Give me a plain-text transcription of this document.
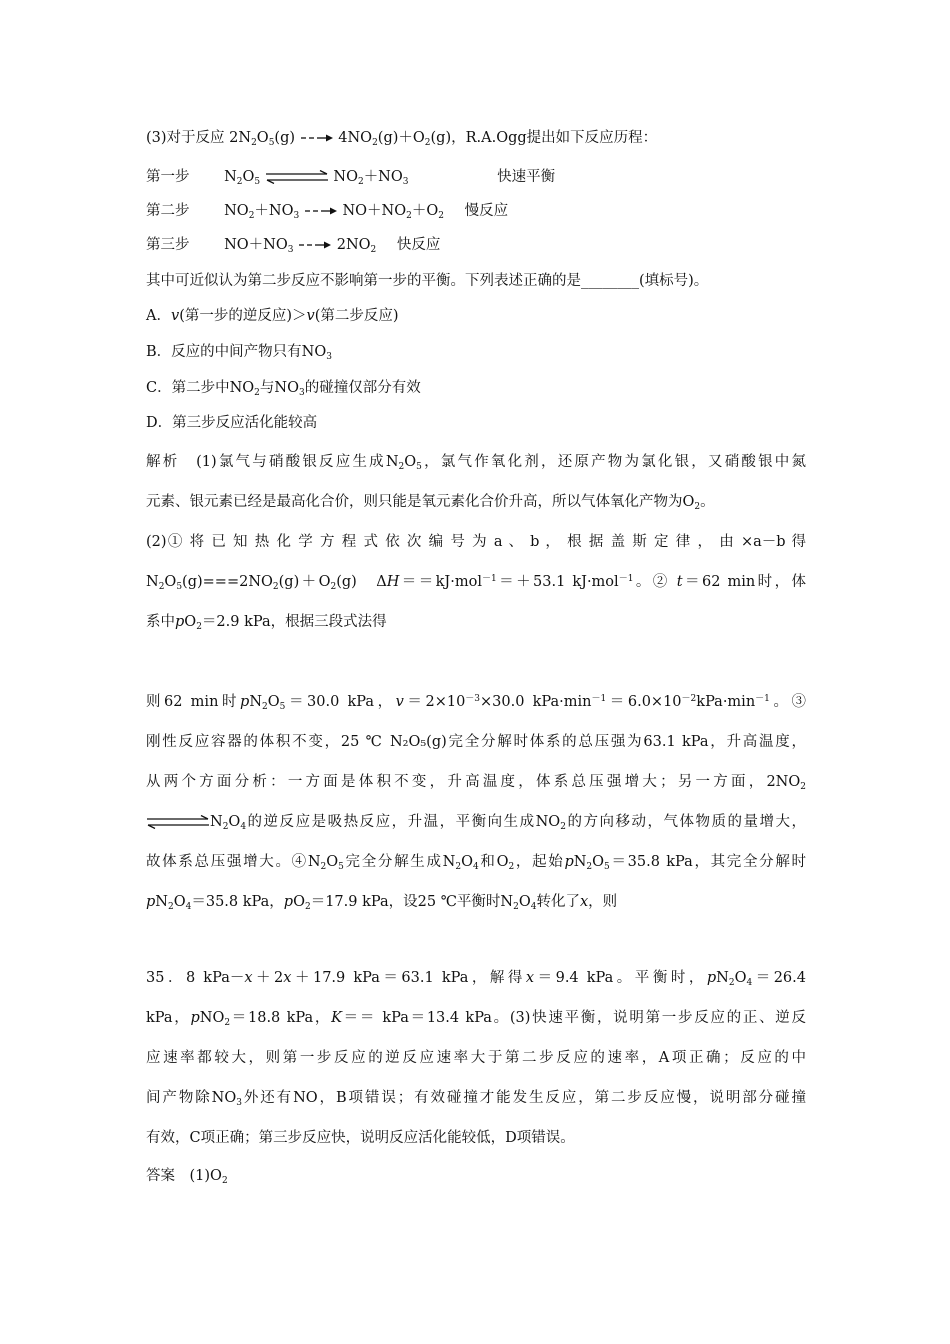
(3)对于反应 $2N_2O_5(g)$	$4NO_2(g)+O_2(g)$，R.A.Ogg提出如下反应历程：
第一步 $N_2O_5$	$NO_2+NO_3$	快速平衡
第二步 $NO_2+NO_3$	$NO+NO_2+O_2$ 慢反应
第三步 $NO+NO_3$	$2NO_2$ 快反应
其中可近似认为第二步反应不影响第一步的平衡。下列表述正确的是________(填标号)。
A．v(第一步的逆反应)＞v(第二步反应)
B．反应的中间产物只有$NO_3$
C．第二步中$NO_2$与$NO_3$的碰撞仅部分有效
D．第三步反应活化能较高
解析　(1)氯气与硝酸银反应生成$N_2O_5$，氯气作氧化剂，还原产物为氯化银，又硝酸银中氮
元素、银元素已经是最高化合价，则只能是氧元素化合价升高，所以气体氧化产物为$O_2$。
(2)① 将 已 知 热 化 学 方 程 式 依 次 编 号 为 a 、 b ， 根 据 盖 斯 定 律 ， 由 ×a－b 得
$N_2O_5(g)===2NO_2(g)+O_2(g)$　ΔH＝＝kJ·mol$^{-1}$＝＋53.1 kJ·mol$^{-1}$。② t＝62 min时，体
系中$pO_2=2.9$ kPa，根据三段式法得
则62 min时$pN_2O_5=30.0$ kPa，$v=2\times 10^{-3}\times 30.0$ $kPa\cdot\min^{-1}=6.0\times 10^{-2}kPa\cdot\min^{-1}$。③
刚性反应容器的体积不变，25 ℃ N₂O₅(g)完全分解时体系的总压强为63.1 kPa，升高温度，
从两个方面分析：一方面是体积不变，升高温度，体系总压强增大；另一方面，$2NO_2$
$N_2O_4$的逆反应是吸热反应，升温，平衡向生成$NO_2$的方向移动，气体物质的量增大，
故体系总压强增大。$④N_2O_5$完全分解生成$N_2O_4$和$O_2$，起始$pN_2O_5=35.8$ kPa，其完全分解时
$pN_2O_4=35.8$ kPa，$pO_2=17.9$ kPa，设25 ℃平衡时$N_2O_4$转化了x，则
35．8 kPa－x＋2x＋17.9 kPa＝63.1 kPa，解得x＝9.4 kPa。平衡时，$pN_2O_4=26.4$
kPa，pNO$_2$＝18.8 kPa，K＝＝ kPa＝13.4 kPa。(3)快速平衡，说明第一步反应的正、逆反
应速率都较大，则第一步反应的逆反应速率大于第二步反应的速率，A项正确；反应的中
间产物除$NO_3$外还有NO，B项错误；有效碰撞才能发生反应，第二步反应慢，说明部分碰撞
有效，C项正确；第三步反应快，说明反应活化能较低，D项错误。
答案　$(1)O_2$
